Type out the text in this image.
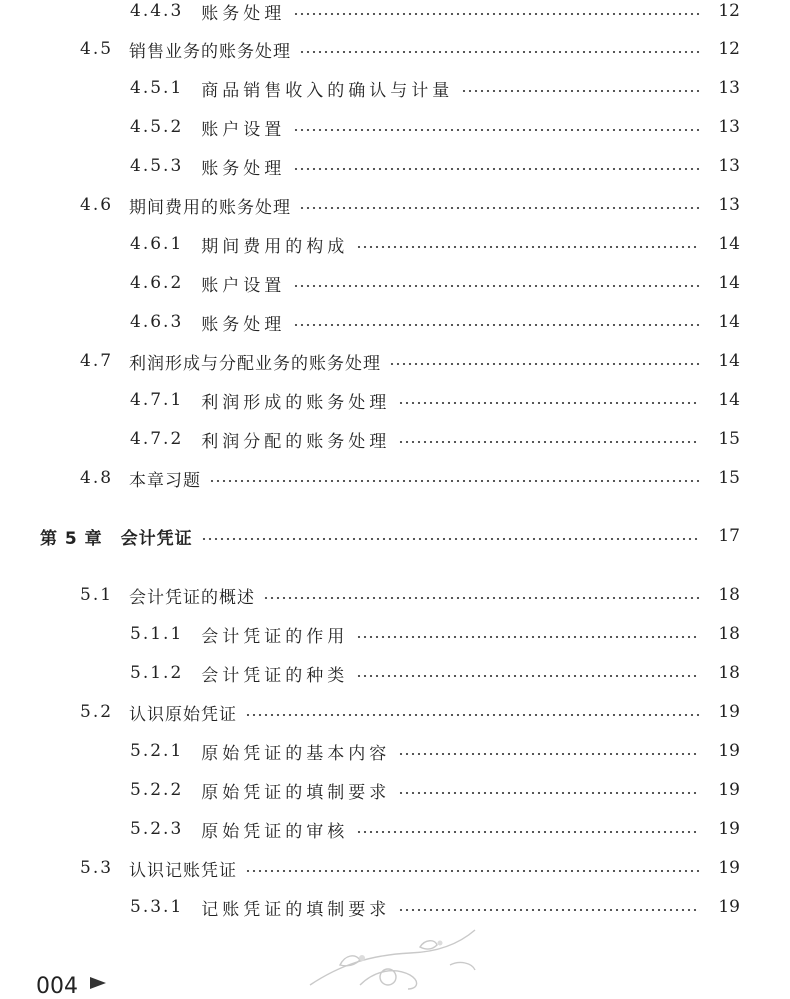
4.4.3 账务处理	12
4.5 销售业务的账务处理	12
4.5.1 商品销售收入的确认与计量	13
4.5.2 账户设置	13
4.5.3 账务处理	13
4.6 期间费用的账务处理	13
4.6.1 期间费用的构成	14
4.6.2 账户设置	14
4.6.3 账务处理	14
4.7 利润形成与分配业务的账务处理	14
4.7.1 利润形成的账务处理	14
4.7.2 利润分配的账务处理	15
4.8 本章习题	15
第 5 章 会计凭证	17
5.1 会计凭证的概述	18
5.1.1 会计凭证的作用	18
5.1.2 会计凭证的种类	18
5.2 认识原始凭证	19
5.2.1 原始凭证的基本内容	19
5.2.2 原始凭证的填制要求	19
5.2.3 原始凭证的审核	19
5.3 认识记账凭证	19
5.3.1 记账凭证的填制要求	19
004
